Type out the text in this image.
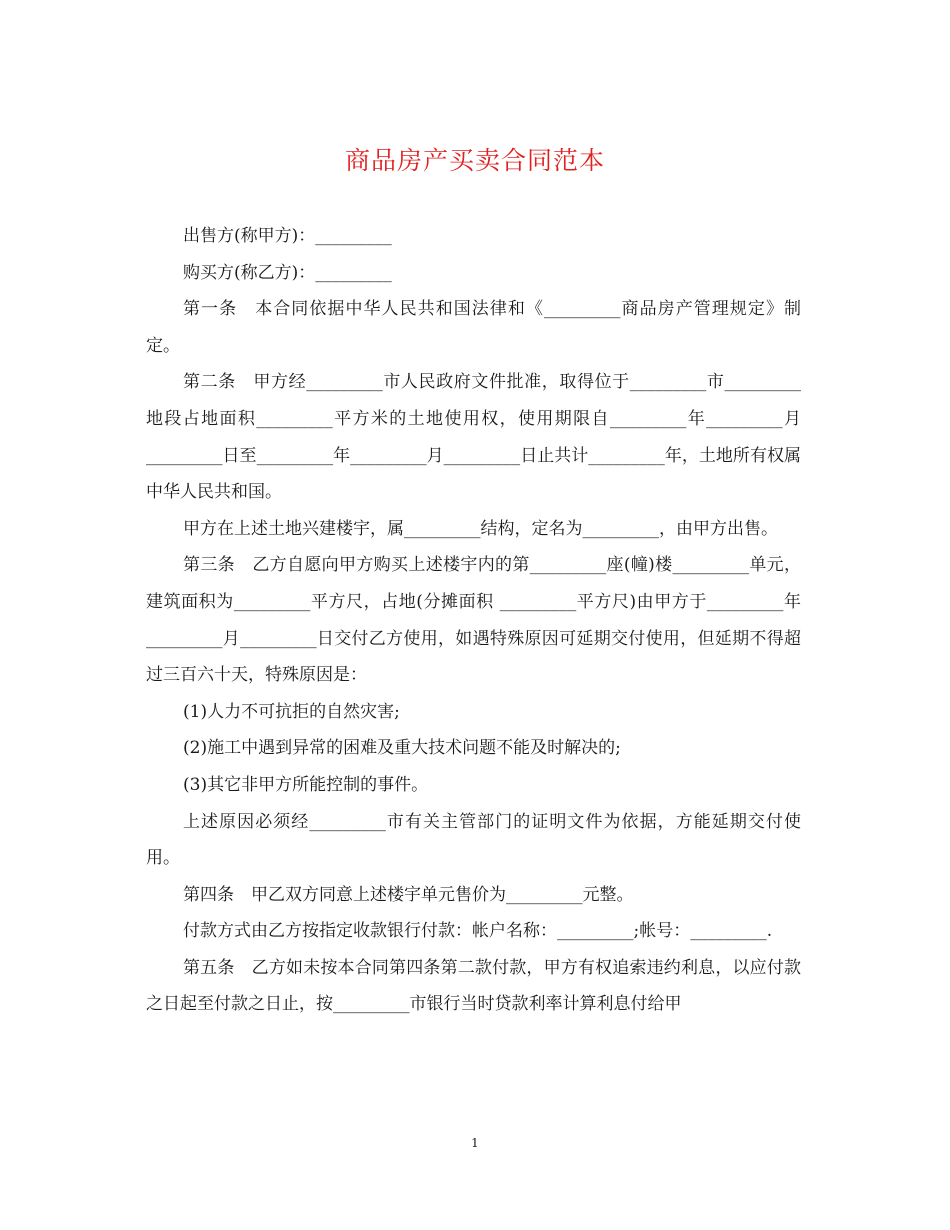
商品房产买卖合同范本

出售方(称甲方)：_________

购买方(称乙方)：_________

第一条　本合同依据中华人民共和国法律和《_________商品房产管理规定》制定。

第二条　甲方经_________市人民政府文件批准，取得位于_________市_________地段占地面积_________平方米的土地使用权，使用期限自_________年_________月_________日至_________年_________月_________日止共计_________年，土地所有权属中华人民共和国。

甲方在上述土地兴建楼宇，属_________结构，定名为_________，由甲方出售。

第三条　乙方自愿向甲方购买上述楼宇内的第_________座(幢)楼_________单元，建筑面积为_________平方尺，占地(分摊面积 _________平方尺)由甲方于_________年_________月_________日交付乙方使用，如遇特殊原因可延期交付使用，但延期不得超过三百六十天，特殊原因是：

(1)人力不可抗拒的自然灾害;

(2)施工中遇到异常的困难及重大技术问题不能及时解决的;

(3)其它非甲方所能控制的事件。

上述原因必须经_________市有关主管部门的证明文件为依据，方能延期交付使用。

第四条　甲乙双方同意上述楼宇单元售价为_________元整。

付款方式由乙方按指定收款银行付款：帐户名称：_________;帐号：_________.

第五条　乙方如未按本合同第四条第二款付款，甲方有权追索违约利息，以应付款之日起至付款之日止，按_________市银行当时贷款利率计算利息付给甲

1
